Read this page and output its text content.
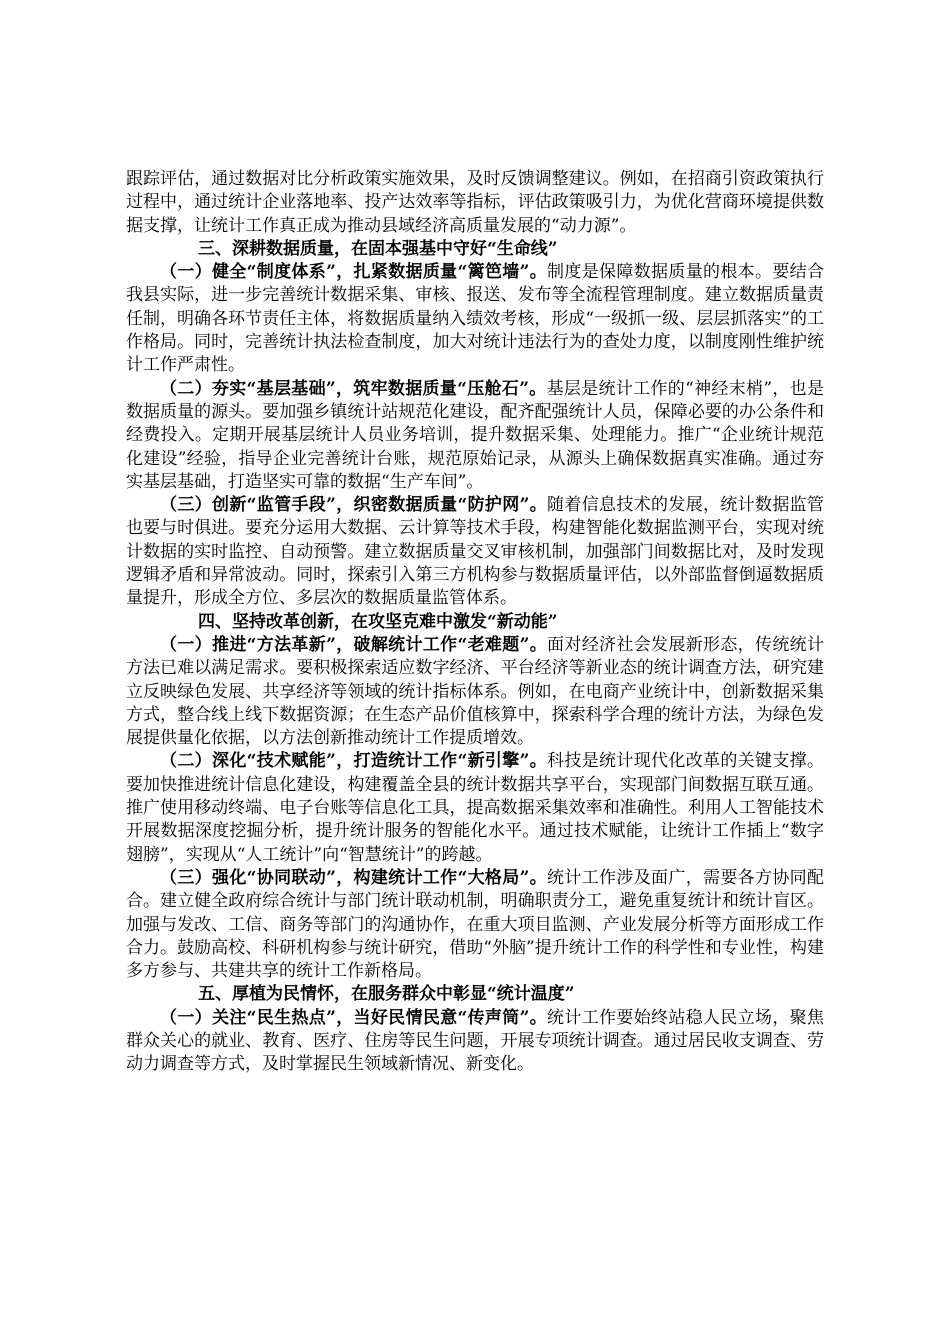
跟踪评估，通过数据对比分析政策实施效果，及时反馈调整建议。例如，在招商引资政策执行过程中，通过统计企业落地率、投产达效率等指标，评估政策吸引力，为优化营商环境提供数据支撑，让统计工作真正成为推动县域经济高质量发展的“动力源”。

三、深耕数据质量，在固本强基中守好“生命线”

（一）健全“制度体系”，扎紧数据质量“篱笆墙”。制度是保障数据质量的根本。要结合我县实际，进一步完善统计数据采集、审核、报送、发布等全流程管理制度。建立数据质量责任制，明确各环节责任主体，将数据质量纳入绩效考核，形成“一级抓一级、层层抓落实”的工作格局。同时，完善统计执法检查制度，加大对统计违法行为的查处力度，以制度刚性维护统计工作严肃性。

（二）夯实“基层基础”，筑牢数据质量“压舱石”。基层是统计工作的“神经末梢”，也是数据质量的源头。要加强乡镇统计站规范化建设，配齐配强统计人员，保障必要的办公条件和经费投入。定期开展基层统计人员业务培训，提升数据采集、处理能力。推广“企业统计规范化建设”经验，指导企业完善统计台账，规范原始记录，从源头上确保数据真实准确。通过夯实基层基础，打造坚实可靠的数据“生产车间”。

（三）创新“监管手段”，织密数据质量“防护网”。随着信息技术的发展，统计数据监管也要与时俱进。要充分运用大数据、云计算等技术手段，构建智能化数据监测平台，实现对统计数据的实时监控、自动预警。建立数据质量交叉审核机制，加强部门间数据比对，及时发现逻辑矛盾和异常波动。同时，探索引入第三方机构参与数据质量评估，以外部监督倒逼数据质量提升，形成全方位、多层次的数据质量监管体系。

四、坚持改革创新，在攻坚克难中激发“新动能”

（一）推进“方法革新”，破解统计工作“老难题”。面对经济社会发展新形态，传统统计方法已难以满足需求。要积极探索适应数字经济、平台经济等新业态的统计调查方法，研究建立反映绿色发展、共享经济等领域的统计指标体系。例如，在电商产业统计中，创新数据采集方式，整合线上线下数据资源；在生态产品价值核算中，探索科学合理的统计方法，为绿色发展提供量化依据，以方法创新推动统计工作提质增效。

（二）深化“技术赋能”，打造统计工作“新引擎”。科技是统计现代化改革的关键支撑。要加快推进统计信息化建设，构建覆盖全县的统计数据共享平台，实现部门间数据互联互通。推广使用移动终端、电子台账等信息化工具，提高数据采集效率和准确性。利用人工智能技术开展数据深度挖掘分析，提升统计服务的智能化水平。通过技术赋能，让统计工作插上“数字翅膀”，实现从“人工统计”向“智慧统计”的跨越。

（三）强化“协同联动”，构建统计工作“大格局”。统计工作涉及面广，需要各方协同配合。建立健全政府综合统计与部门统计联动机制，明确职责分工，避免重复统计和统计盲区。加强与发改、工信、商务等部门的沟通协作，在重大项目监测、产业发展分析等方面形成工作合力。鼓励高校、科研机构参与统计研究，借助“外脑”提升统计工作的科学性和专业性，构建多方参与、共建共享的统计工作新格局。

五、厚植为民情怀，在服务群众中彰显“统计温度”

（一）关注“民生热点”，当好民情民意“传声筒”。统计工作要始终站稳人民立场，聚焦群众关心的就业、教育、医疗、住房等民生问题，开展专项统计调查。通过居民收支调查、劳动力调查等方式，及时掌握民生领域新情况、新变化。
